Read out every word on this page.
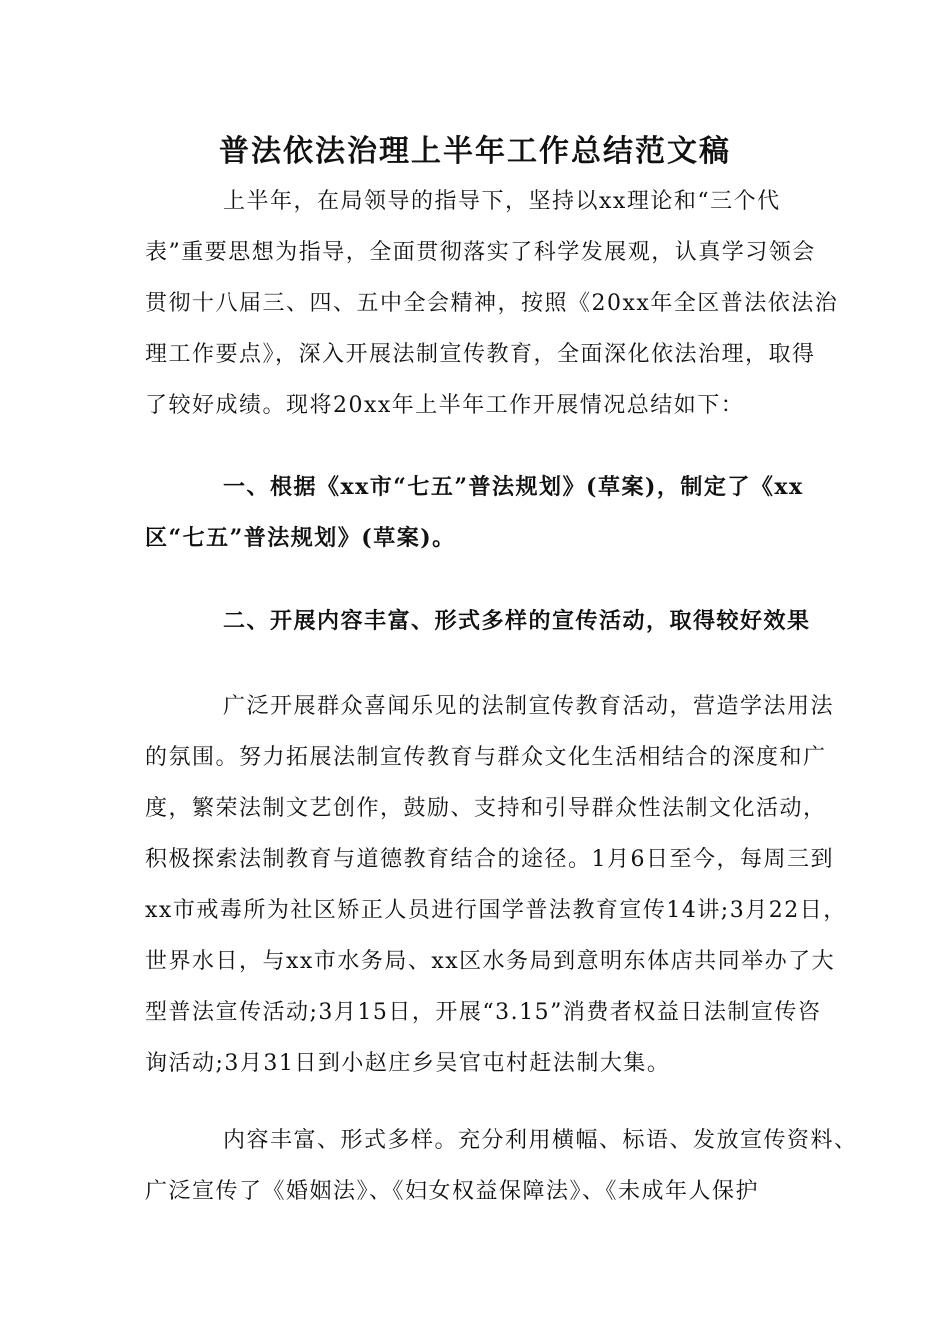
普法依法治理上半年工作总结范文稿
上半年，在局领导的指导下，坚持以xx理论和“三个代
表”重要思想为指导，全面贯彻落实了科学发展观，认真学习领会
贯彻十八届三、四、五中全会精神，按照《20xx年全区普法依法治
理工作要点》，深入开展法制宣传教育，全面深化依法治理，取得
了较好成绩。现将20xx年上半年工作开展情况总结如下：
一、根据《xx市“七五”普法规划》(草案)，制定了《xx
区“七五”普法规划》(草案)。
二、开展内容丰富、形式多样的宣传活动，取得较好效果
广泛开展群众喜闻乐见的法制宣传教育活动，营造学法用法
的氛围。努力拓展法制宣传教育与群众文化生活相结合的深度和广
度，繁荣法制文艺创作，鼓励、支持和引导群众性法制文化活动，
积极探索法制教育与道德教育结合的途径。1月6日至今，每周三到
xx市戒毒所为社区矫正人员进行国学普法教育宣传14讲;3月22日，
世界水日，与xx市水务局、xx区水务局到意明东体店共同举办了大
型普法宣传活动;3月15日，开展“3.15”消费者权益日法制宣传咨
询活动;3月31日到小赵庄乡吴官屯村赶法制大集。
内容丰富、形式多样。充分利用横幅、标语、发放宣传资料、
广泛宣传了《婚姻法》、《妇女权益保障法》、《未成年人保护
